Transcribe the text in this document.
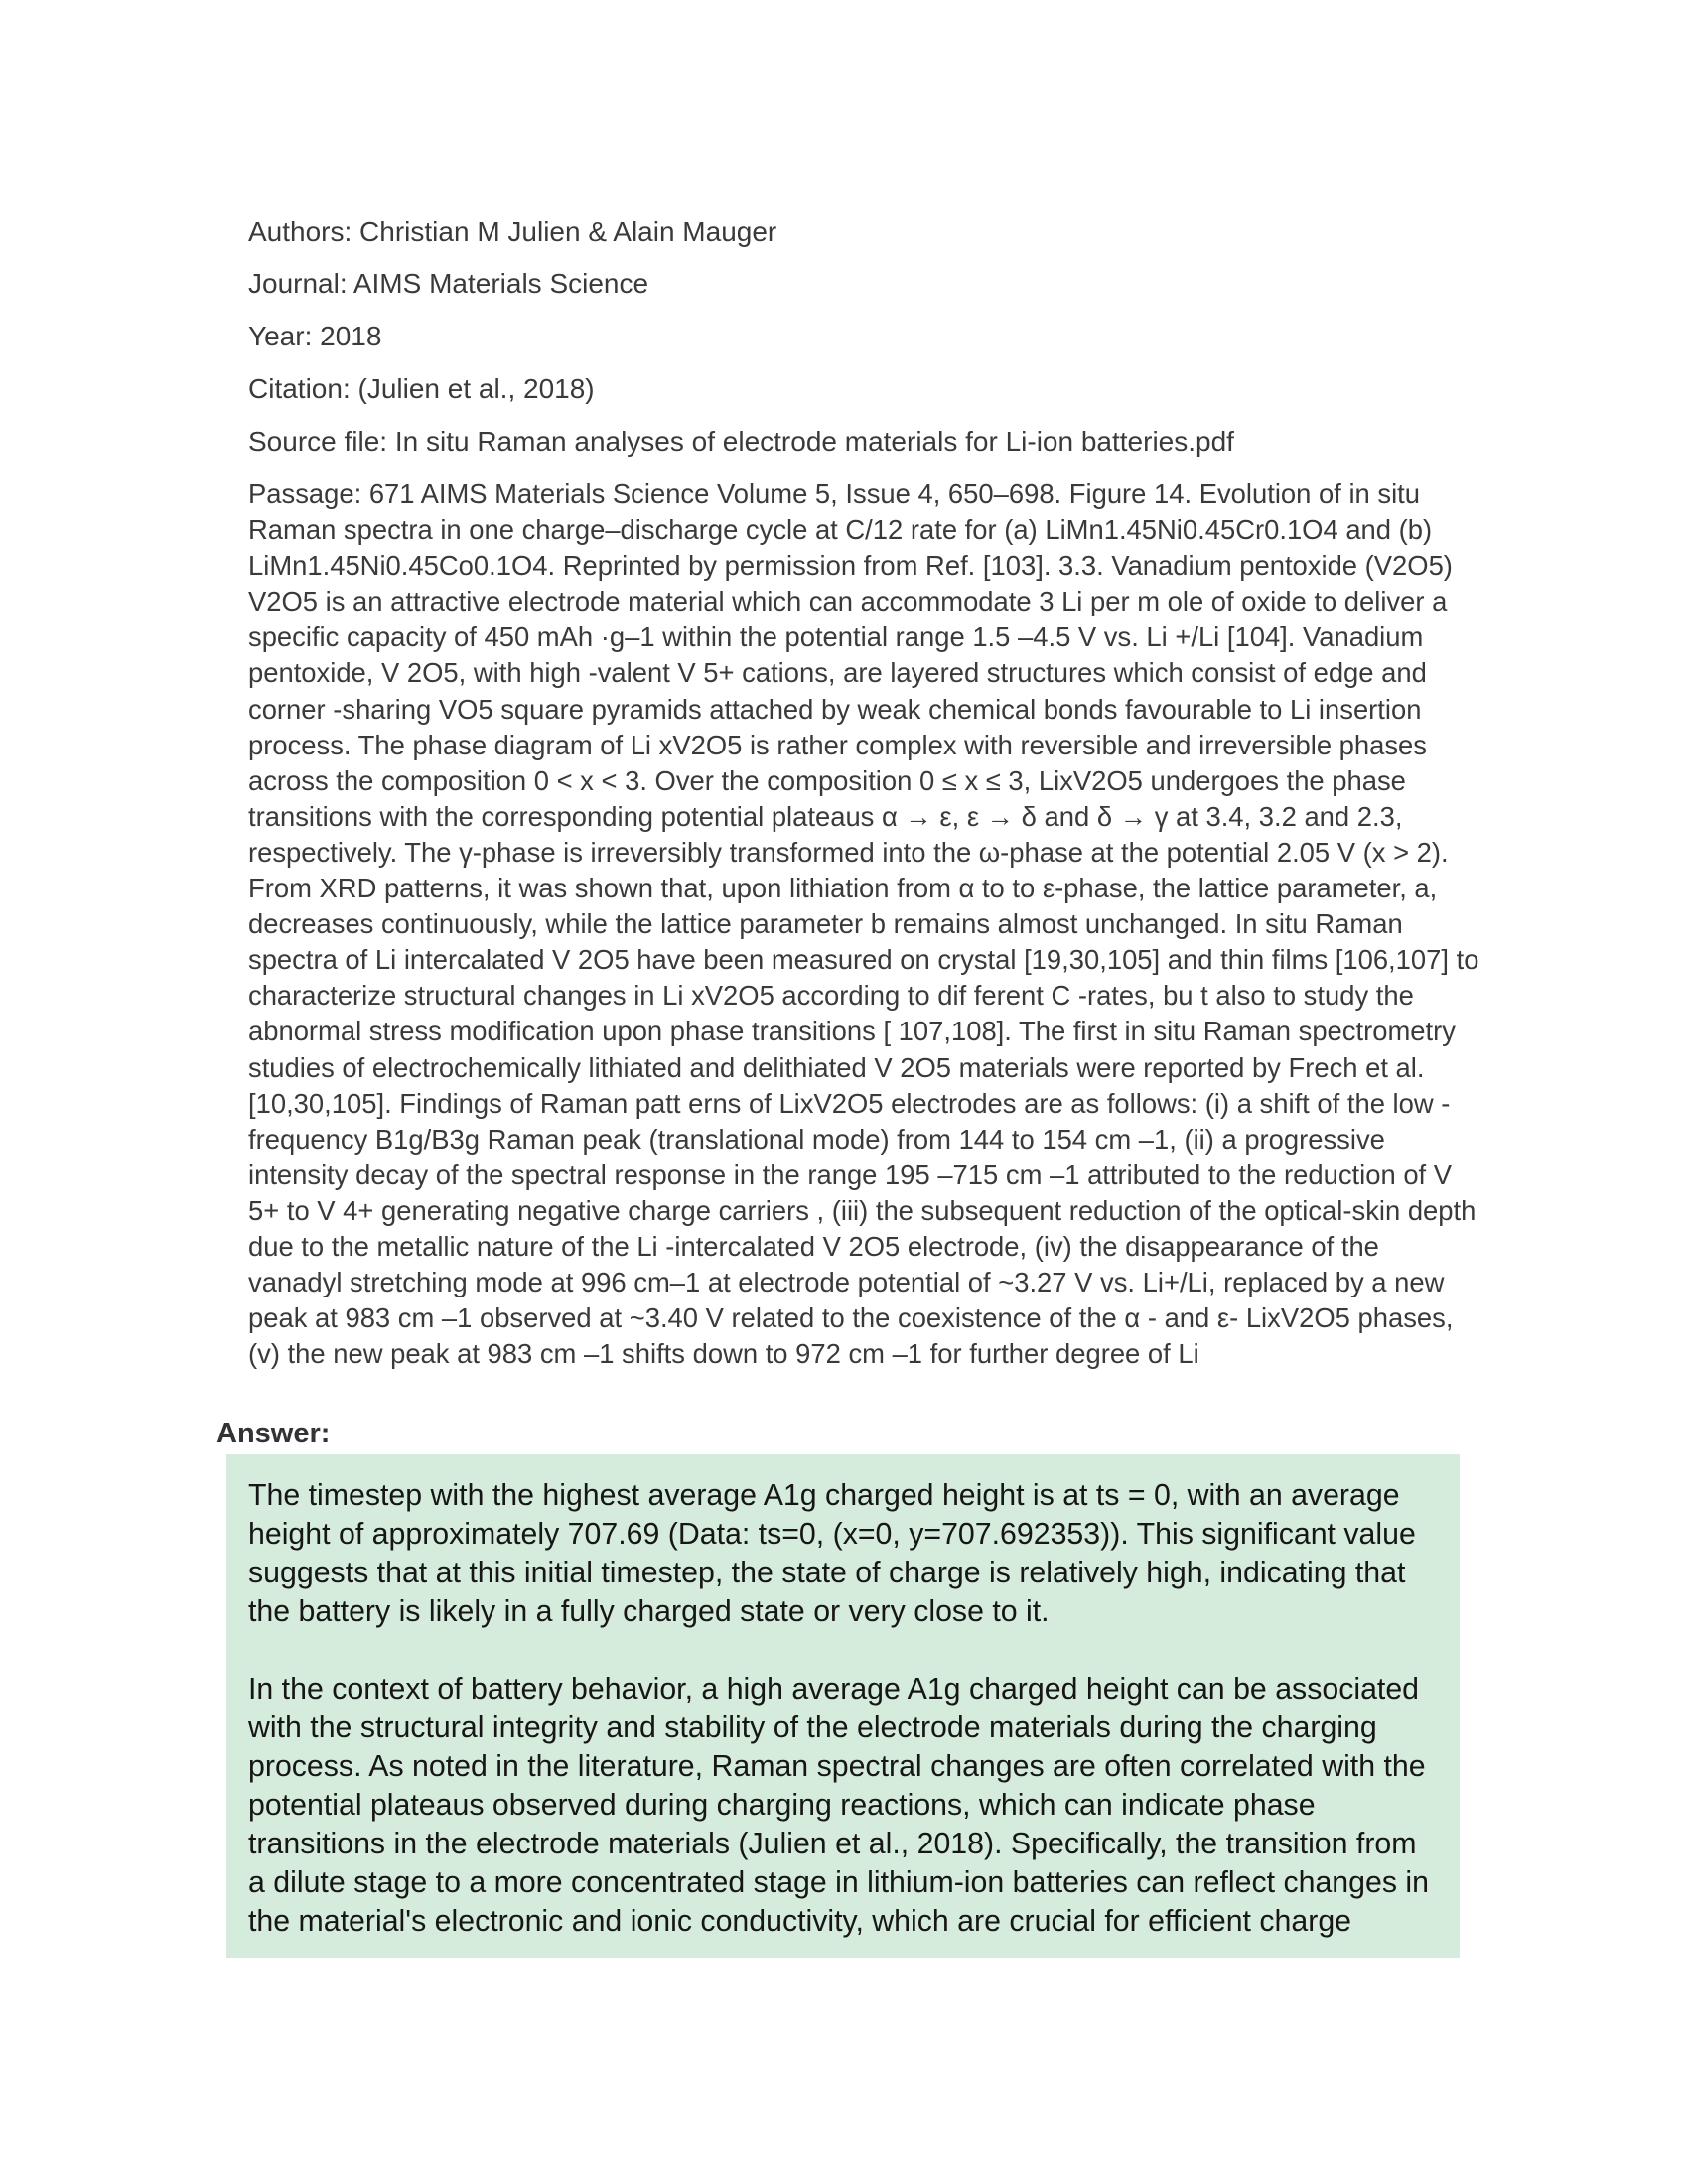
Authors: Christian M Julien & Alain Mauger

Journal: AIMS Materials Science

Year: 2018

Citation: (Julien et al., 2018)

Source file: In situ Raman analyses of electrode materials for Li-ion batteries.pdf

Passage: 671 AIMS Materials Science Volume 5, Issue 4, 650–698. Figure 14. Evolution of in situ Raman spectra in one charge–discharge cycle at C/12 rate for (a) LiMn1.45Ni0.45Cr0.1O4 and (b) LiMn1.45Ni0.45Co0.1O4. Reprinted by permission from Ref. [103]. 3.3. Vanadium pentoxide (V2O5) V2O5 is an attractive electrode material which can accommodate 3 Li per m ole of oxide to deliver a specific capacity of 450 mAh ·g–1 within the potential range 1.5 –4.5 V vs. Li +/Li [104]. Vanadium pentoxide, V 2O5, with high -valent V 5+ cations, are layered structures which consist of edge and corner -sharing VO5 square pyramids attached by weak chemical bonds favourable to Li insertion process. The phase diagram of Li xV2O5 is rather complex with reversible and irreversible phases across the composition 0 < x < 3. Over the composition 0 ≤ x ≤ 3, LixV2O5 undergoes the phase transitions with the corresponding potential plateaus α → ε, ε → δ and δ → γ at 3.4, 3.2 and 2.3, respectively. The γ-phase is irreversibly transformed into the ω-phase at the potential 2.05 V (x > 2). From XRD patterns, it was shown that, upon lithiation from α to to ε-phase, the lattice parameter, a, decreases continuously, while the lattice parameter b remains almost unchanged. In situ Raman spectra of Li intercalated V 2O5 have been measured on crystal [19,30,105] and thin films [106,107] to characterize structural changes in Li xV2O5 according to dif ferent C -rates, bu t also to study the abnormal stress modification upon phase transitions [ 107,108]. The first in situ Raman spectrometry studies of electrochemically lithiated and delithiated V 2O5 materials were reported by Frech et al. [10,30,105]. Findings of Raman patt erns of LixV2O5 electrodes are as follows: (i) a shift of the low -frequency B1g/B3g Raman peak (translational mode) from 144 to 154 cm –1, (ii) a progressive intensity decay of the spectral response in the range 195 –715 cm –1 attributed to the reduction of V 5+ to V 4+ generating negative charge carriers , (iii) the subsequent reduction of the optical-skin depth due to the metallic nature of the Li -intercalated V 2O5 electrode, (iv) the disappearance of the vanadyl stretching mode at 996 cm–1 at electrode potential of ~3.27 V vs. Li+/Li, replaced by a new peak at 983 cm –1 observed at ~3.40 V related to the coexistence of the α - and ε- LixV2O5 phases, (v) the new peak at 983 cm –1 shifts down to 972 cm –1 for further degree of Li

Answer:

The timestep with the highest average A1g charged height is at ts = 0, with an average height of approximately 707.69 (Data: ts=0, (x=0, y=707.692353)). This significant value suggests that at this initial timestep, the state of charge is relatively high, indicating that the battery is likely in a fully charged state or very close to it.

In the context of battery behavior, a high average A1g charged height can be associated with the structural integrity and stability of the electrode materials during the charging process. As noted in the literature, Raman spectral changes are often correlated with the potential plateaus observed during charging reactions, which can indicate phase transitions in the electrode materials (Julien et al., 2018). Specifically, the transition from a dilute stage to a more concentrated stage in lithium-ion batteries can reflect changes in the material's electronic and ionic conductivity, which are crucial for efficient charge
